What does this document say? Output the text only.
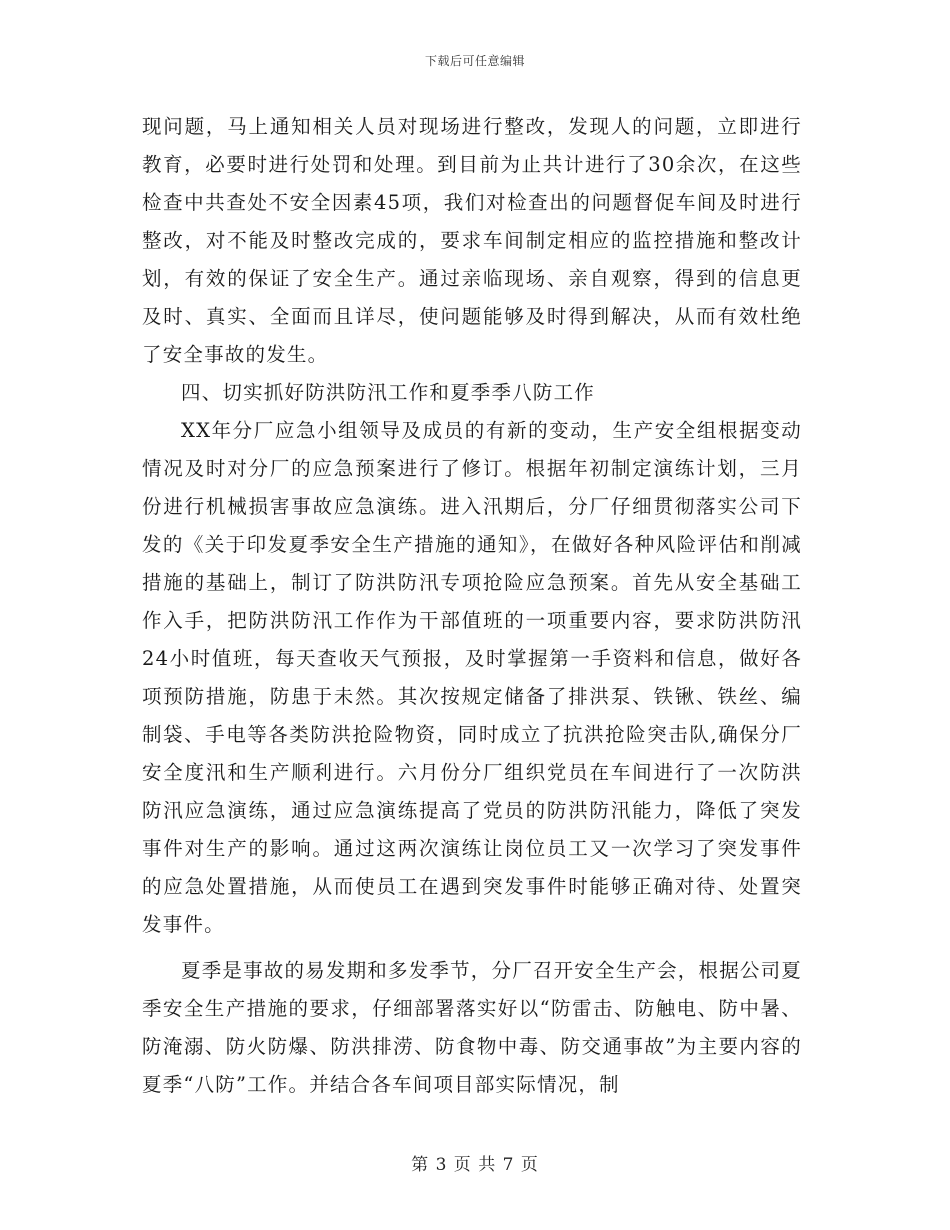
下载后可任意编辑

现问题，马上通知相关人员对现场进行整改，发现人的问题，立即进行教育，必要时进行处罚和处理。到目前为止共计进行了30余次，在这些检查中共查处不安全因素45项，我们对检查出的问题督促车间及时进行整改，对不能及时整改完成的，要求车间制定相应的监控措施和整改计划，有效的保证了安全生产。通过亲临现场、亲自观察，得到的信息更及时、真实、全面而且详尽，使问题能够及时得到解决，从而有效杜绝了安全事故的发生。

四、切实抓好防洪防汛工作和夏季季八防工作

XX年分厂应急小组领导及成员的有新的变动，生产安全组根据变动情况及时对分厂的应急预案进行了修订。根据年初制定演练计划，三月份进行机械损害事故应急演练。进入汛期后，分厂仔细贯彻落实公司下发的《关于印发夏季安全生产措施的通知》，在做好各种风险评估和削减措施的基础上，制订了防洪防汛专项抢险应急预案。首先从安全基础工作入手，把防洪防汛工作作为干部值班的一项重要内容，要求防洪防汛24小时值班，每天查收天气预报，及时掌握第一手资料和信息，做好各项预防措施，防患于未然。其次按规定储备了排洪泵、铁锹、铁丝、编制袋、手电等各类防洪抢险物资，同时成立了抗洪抢险突击队,确保分厂安全度汛和生产顺利进行。六月份分厂组织党员在车间进行了一次防洪防汛应急演练，通过应急演练提高了党员的防洪防汛能力，降低了突发事件对生产的影响。通过这两次演练让岗位员工又一次学习了突发事件的应急处置措施，从而使员工在遇到突发事件时能够正确对待、处置突发事件。

夏季是事故的易发期和多发季节，分厂召开安全生产会，根据公司夏季安全生产措施的要求，仔细部署落实好以“防雷击、防触电、防中暑、防淹溺、防火防爆、防洪排涝、防食物中毒、防交通事故”为主要内容的夏季“八防”工作。并结合各车间项目部实际情况，制

第 3 页 共 7 页
